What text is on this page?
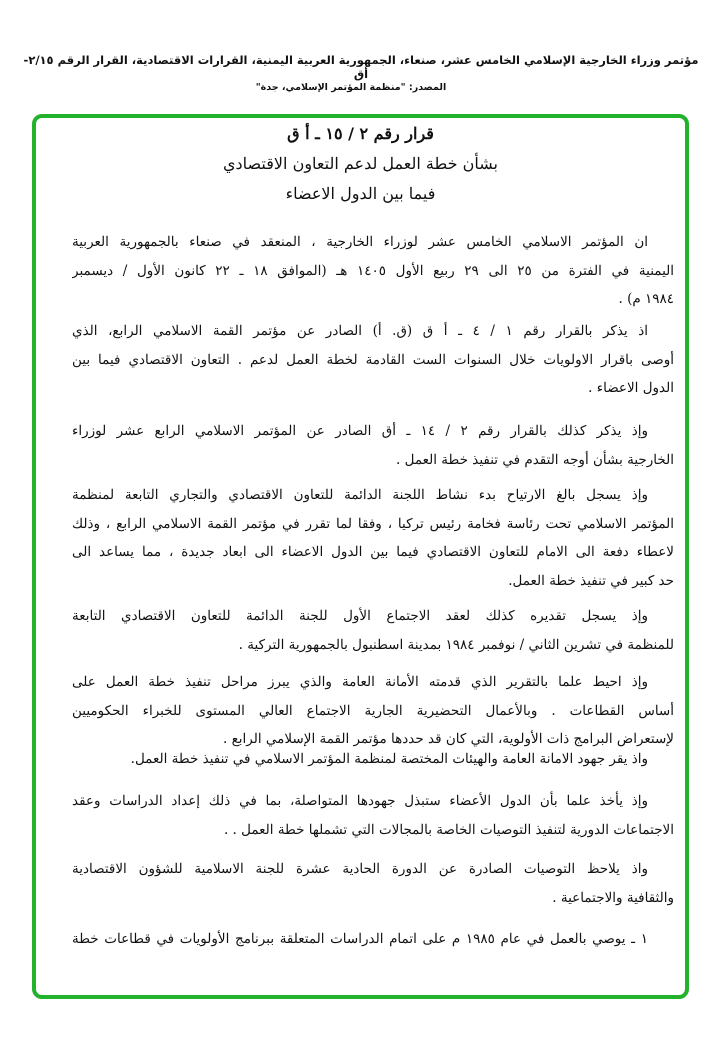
مؤتمر وزراء الخارجية الإسلامي الخامس عشر، صنعاء، الجمهورية العربية اليمنية، القرارات الاقتصادية، القرار الرقم ٢/١٥-أق
المصدر: "منظمة المؤتمر الإسلامي، جدة"
قرار رقم ٢ / ١٥ ـ أ ق
بشأن خطة العمل لدعم التعاون الاقتصادي
فيما بين الدول الاعضاء
ان المؤتمر الاسلامي الخامس عشر لوزراء الخارجية ، المنعقد في صنعاء بالجمهورية العربية
اليمنية في الفترة من ٢٥ الى ٢٩ ربيع الأول ١٤٠٥ هـ (الموافق ١٨ ـ ٢٢ كانون الأول / ديسمبر
١٩٨٤ م) .
اذ يذكر بالقرار رقم ١ / ٤ ـ أ ق (ق. أ) الصادر عن مؤتمر القمة الاسلامي الرابع، الذي
أوصى باقرار الاولويات خلال السنوات الست القادمة لخطة العمل لدعم . التعاون الاقتصادي فيما بين
الدول الاعضاء .
وإذ يذكر كذلك بالقرار رقم ٢ / ١٤ ـ أق الصادر عن المؤتمر الاسلامي الرابع عشر لوزراء
الخارجية بشأن أوجه التقدم في تنفيذ خطة العمل .
وإذ يسجل بالغ الارتياح بدء نشاط اللجنة الدائمة للتعاون الاقتصادي والتجاري التابعة لمنظمة
المؤتمر الاسلامي تحت رئاسة فخامة رئيس تركيا ، وفقا لما تقرر في مؤتمر القمة الاسلامي الرابع ، وذلك
لاعطاء دفعة الى الامام للتعاون الاقتصادي فيما بين الدول الاعضاء الى ابعاد جديدة ، مما يساعد الى
حد كبير في تنفيذ خطة العمل.
وإذ يسجل تقديره كذلك لعقد الاجتماع الأول للجنة الدائمة للتعاون الاقتصادي التابعة
للمنظمة في تشرين الثاني / نوفمبر ١٩٨٤ بمدينة اسطنبول بالجمهورية التركية .
وإذ احيط علما بالتقرير الذي قدمته الأمانة العامة والذي يبرز مراحل تنفيذ خطة العمل على
أساس القطاعات . وبالأعمال التحضيرية الجارية الاجتماع العالي المستوى للخبراء الحكوميين
لإستعراض البرامج ذات الأولوية، التي كان قد حددها مؤتمر القمة الإسلامي الرابع .
واذ يقر جهود الامانة العامة والهيئات المختصة لمنظمة المؤتمر الاسلامي في تنفيذ خطة العمل.
وإذ يأخذ علما بأن الدول الأعضاء ستبذل جهودها المتواصلة، بما في ذلك إعداد الدراسات وعقد
الاجتماعات الدورية لتنفيذ التوصيات الخاصة بالمجالات التي تشملها خطة العمل . .
واذ يلاحظ التوصيات الصادرة عن الدورة الحادية عشرة للجنة الاسلامية للشؤون الاقتصادية
والثقافية والاجتماعية .
١ ـ يوصي بالعمل في عام ١٩٨٥ م على اتمام الدراسات المتعلقة ببرنامج الأولويات في قطاعات خطة
